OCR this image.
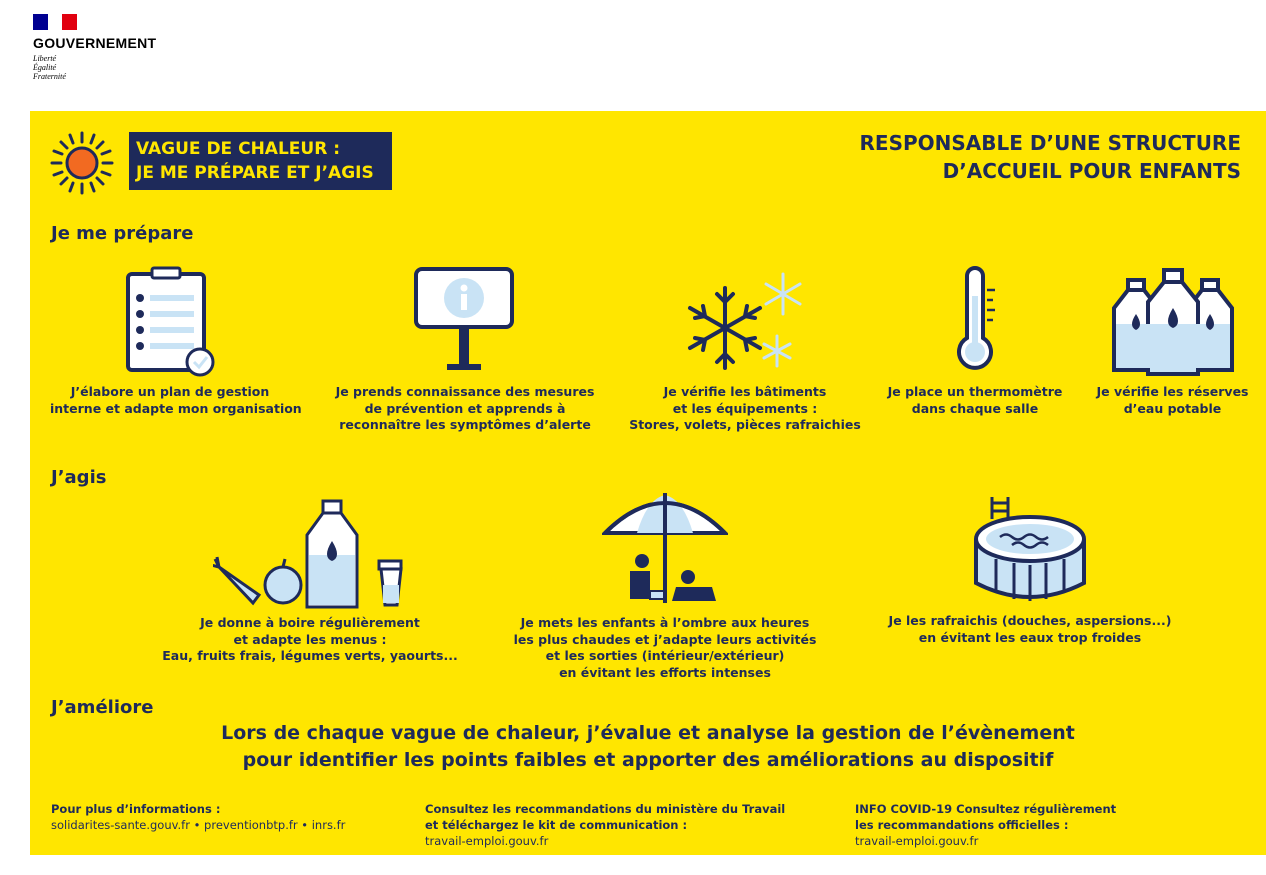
GOUVERNEMENT
Liberté
Égalité
Fraternité
VAGUE DE CHALEUR :
JE ME PRÉPARE ET J’AGIS
RESPONSABLE D’UNE STRUCTURE
D’ACCUEIL POUR ENFANTS
Je me prépare
J’élabore un plan de gestion
interne et adapte mon organisation
Je prends connaissance des mesures
de prévention et apprends à
reconnaître les symptômes d’alerte
Je vérifie les bâtiments
et les équipements :
Stores, volets, pièces rafraichies
Je place un thermomètre
dans chaque salle
Je vérifie les réserves
d’eau potable
J’agis
Je donne à boire régulièrement
et adapte les menus :
Eau, fruits frais, légumes verts, yaourts...
Je mets les enfants à l’ombre aux heures
les plus chaudes et j’adapte leurs activités
et les sorties (intérieur/extérieur)
en évitant les efforts intenses
Je les rafraichis (douches, aspersions...)
en évitant les eaux trop froides
J’améliore
Lors de chaque vague de chaleur, j’évalue et analyse la gestion de l’évènement
pour identifier les points faibles et apporter des améliorations au dispositif
Pour plus d’informations :
solidarites-sante.gouv.fr • preventionbtp.fr • inrs.fr
Consultez les recommandations du ministère du Travail
et téléchargez le kit de communication :
travail-emploi.gouv.fr
INFO COVID-19 Consultez régulièrement
les recommandations officielles :
travail-emploi.gouv.fr
